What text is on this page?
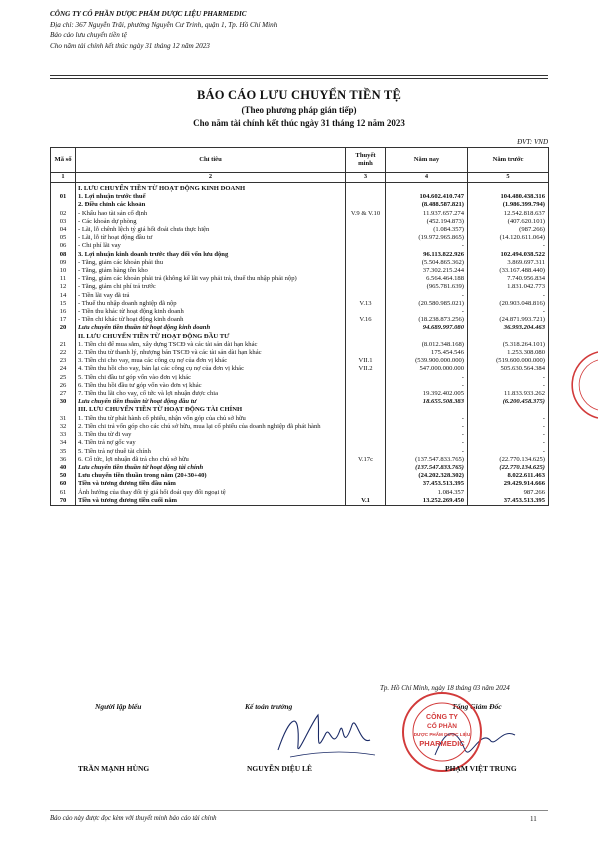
CÔNG TY CỔ PHẦN DƯỢC PHẨM DƯỢC LIỆU PHARMEDIC
Địa chỉ: 367 Nguyễn Trãi, phường Nguyễn Cư Trinh, quận 1, Tp. Hồ Chí Minh
Báo cáo lưu chuyển tiền tệ
Cho năm tài chính kết thúc ngày 31 tháng 12 năm 2023
BÁO CÁO LƯU CHUYỂN TIỀN TỆ
(Theo phương pháp gián tiếp)
Cho năm tài chính kết thúc ngày 31 tháng 12 năm 2023
ĐVT: VND
Mã số	Chỉ tiêu	Thuyết minh	Năm nay	Năm trước
1	2	3	4	5
	I. LƯU CHUYỂN TIỀN TỪ HOẠT ĐỘNG KINH DOANH			
01	1. Lợi nhuận trước thuế		104.602.410.747	104.480.438.316
	2. Điều chỉnh các khoản		(8.488.587.821)	(1.986.399.794)
02	- Khấu hao tài sản cố định	V.9 & V.10	11.937.657.274	12.542.818.637
03	- Các khoản dự phòng		(452.194.873)	(407.620.101)
04	- Lãi, lỗ chênh lệch tỷ giá hối đoái chưa thực hiện		(1.084.357)	(987.266)
05	- Lãi, lỗ từ hoạt động đầu tư		(19.972.965.865)	(14.120.611.064)
06	- Chi phí lãi vay		-	-
08	3. Lợi nhuận kinh doanh trước thay đổi vốn lưu động		96.113.822.926	102.494.038.522
09	- Tăng, giảm các khoản phải thu		(5.504.865.362)	3.869.697.311
10	- Tăng, giảm hàng tồn kho		37.302.215.244	(33.167.488.440)
11	- Tăng, giảm các khoản phải trả (không kể lãi vay phải trả, thuế thu nhập phải nộp)		6.564.464.188	7.740.956.834
12	- Tăng, giảm chi phí trả trước		(965.781.639)	1.831.042.773
14	- Tiền lãi vay đã trả		-	-
15	- Thuế thu nhập doanh nghiệp đã nộp	V.13	(20.580.985.021)	(20.903.048.816)
16	- Tiền thu khác từ hoạt động kinh doanh		-	-
17	- Tiền chi khác từ hoạt động kinh doanh	V.16	(18.238.873.256)	(24.871.993.721)
20	Lưu chuyển tiền thuần từ hoạt động kinh doanh		94.689.997.080	36.993.204.463
	II. LƯU CHUYỂN TIỀN TỪ HOẠT ĐỘNG ĐẦU TƯ			
21	1. Tiền chi để mua sắm, xây dựng TSCĐ và các tài sản dài hạn khác		(8.012.348.168)	(5.318.264.101)
22	2. Tiền thu từ thanh lý, nhượng bán TSCĐ và các tài sản dài hạn khác		175.454.546	1.253.308.080
23	3. Tiền chi cho vay, mua các công cụ nợ của đơn vị khác	VII.1	(539.900.000.000)	(519.600.000.000)
24	4. Tiền thu hồi cho vay, bán lại các công cụ nợ của đơn vị khác	VII.2	547.000.000.000	505.630.564.384
25	5. Tiền chi đầu tư góp vốn vào đơn vị khác		-	-
26	6. Tiền thu hồi đầu tư góp vốn vào đơn vị khác		-	-
27	7. Tiền thu lãi cho vay, cổ tức và lợi nhuận được chia		19.392.402.005	11.833.933.262
30	Lưu chuyển tiền thuần từ hoạt động đầu tư		18.655.508.383	(6.200.458.375)
	III. LƯU CHUYỂN TIỀN TỪ HOẠT ĐỘNG TÀI CHÍNH			
31	1. Tiền thu từ phát hành cổ phiếu, nhận vốn góp của chủ sở hữu		-	-
32	2. Tiền chi trả vốn góp cho các chủ sở hữu, mua lại cổ phiếu của doanh nghiệp đã phát hành		-	-
33	3. Tiền thu từ đi vay		-	-
34	4. Tiền trả nợ gốc vay		-	-
35	5. Tiền trả nợ thuê tài chính		-	-
36	6. Cổ tức, lợi nhuận đã trả cho chủ sở hữu	V.17c	(137.547.833.765)	(22.770.134.625)
40	Lưu chuyển tiền thuần từ hoạt động tài chính		(137.547.833.765)	(22.770.134.625)
50	Lưu chuyển tiền thuần trong năm (20+30+40)		(24.202.328.302)	8.022.611.463
60	Tiền và tương đương tiền đầu năm		37.453.513.395	29.429.914.666
61	Ảnh hưởng của thay đổi tỷ giá hối đoái quy đổi ngoại tệ		1.084.357	987.266
70	Tiền và tương đương tiền cuối năm	V.1	13.252.269.450	37.453.513.395
Tp. Hồ Chí Minh, ngày 18 tháng 03 năm 2024
Người lập biểu	Kế toán trưởng	Tổng Giám Đốc
CÔNG TY
CỔ PHẦN
DƯỢC PHẨM DƯỢC LIỆU
PHARMEDIC
TRẦN MẠNH HÙNG	NGUYỄN DIỆU LÊ	PHẠM VIỆT TRUNG
Báo cáo này được đọc kèm với thuyết minh báo cáo tài chính	11
